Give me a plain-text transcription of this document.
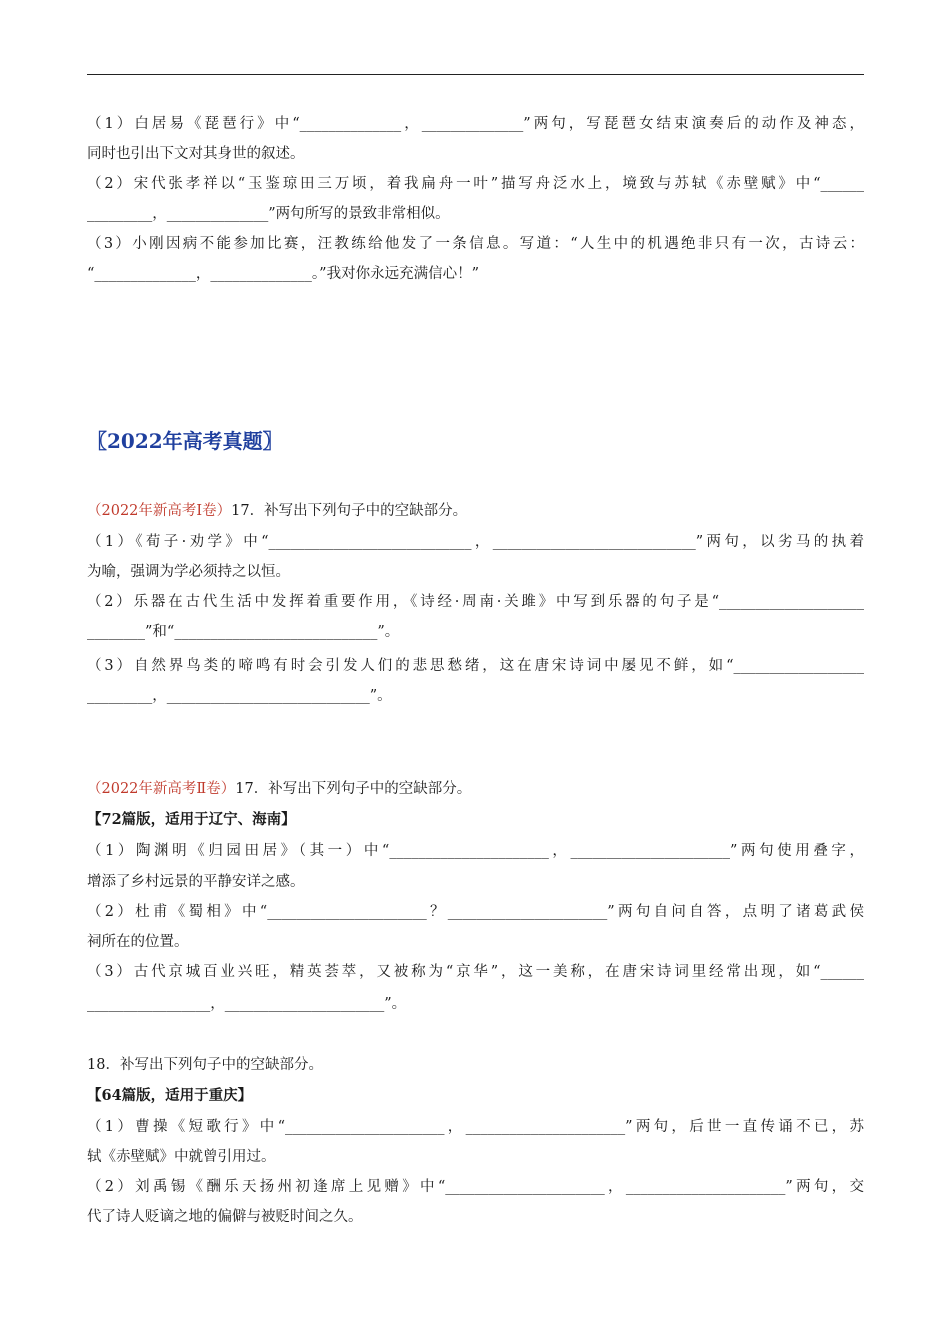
（1）白居易《琵琶行》中“______________，______________”两句，写琵琶女结束演奏后的动作及神态，
同时也引出下文对其身世的叙述。
（2）宋代张孝祥以“玉鉴琼田三万顷，着我扁舟一叶”描写舟泛水上，境致与苏轼《赤壁赋》中“______
_________，______________”两句所写的景致非常相似。
（3）小刚因病不能参加比赛，汪教练给他发了一条信息。写道：“人生中的机遇绝非只有一次，古诗云：
“______________，______________。”我对你永远充满信心！”
〖2022年高考真题〗
（2022年新高考Ⅰ卷）17．补写出下列句子中的空缺部分。
（1）《荀子·劝学》中“____________________________，____________________________”两句，以劣马的执着
为喻，强调为学必须持之以恒。
（2）乐器在古代生活中发挥着重要作用，《诗经·周南·关雎》中写到乐器的句子是“____________________
________”和“____________________________”。
（3）自然界鸟类的啼鸣有时会引发人们的悲思愁绪，这在唐宋诗词中屡见不鲜，如“__________________
_________，____________________________”。
（2022年新高考Ⅱ卷）17．补写出下列句子中的空缺部分。
【72篇版，适用于辽宁、海南】
（1）陶渊明《归园田居》（其一）中“______________________，______________________”两句使用叠字，
增添了乡村远景的平静安详之感。
（2）杜甫《蜀相》中“______________________？______________________”两句自问自答，点明了诸葛武侯
祠所在的位置。
（3）古代京城百业兴旺，精英荟萃，又被称为“京华”，这一美称，在唐宋诗词里经常出现，如“______
_________________，______________________”。
18．补写出下列句子中的空缺部分。
【64篇版，适用于重庆】
（1）曹操《短歌行》中“______________________，______________________”两句，后世一直传诵不已，苏
轼《赤壁赋》中就曾引用过。
（2）刘禹锡《酬乐天扬州初逢席上见赠》中“______________________，______________________”两句，交
代了诗人贬谪之地的偏僻与被贬时间之久。
